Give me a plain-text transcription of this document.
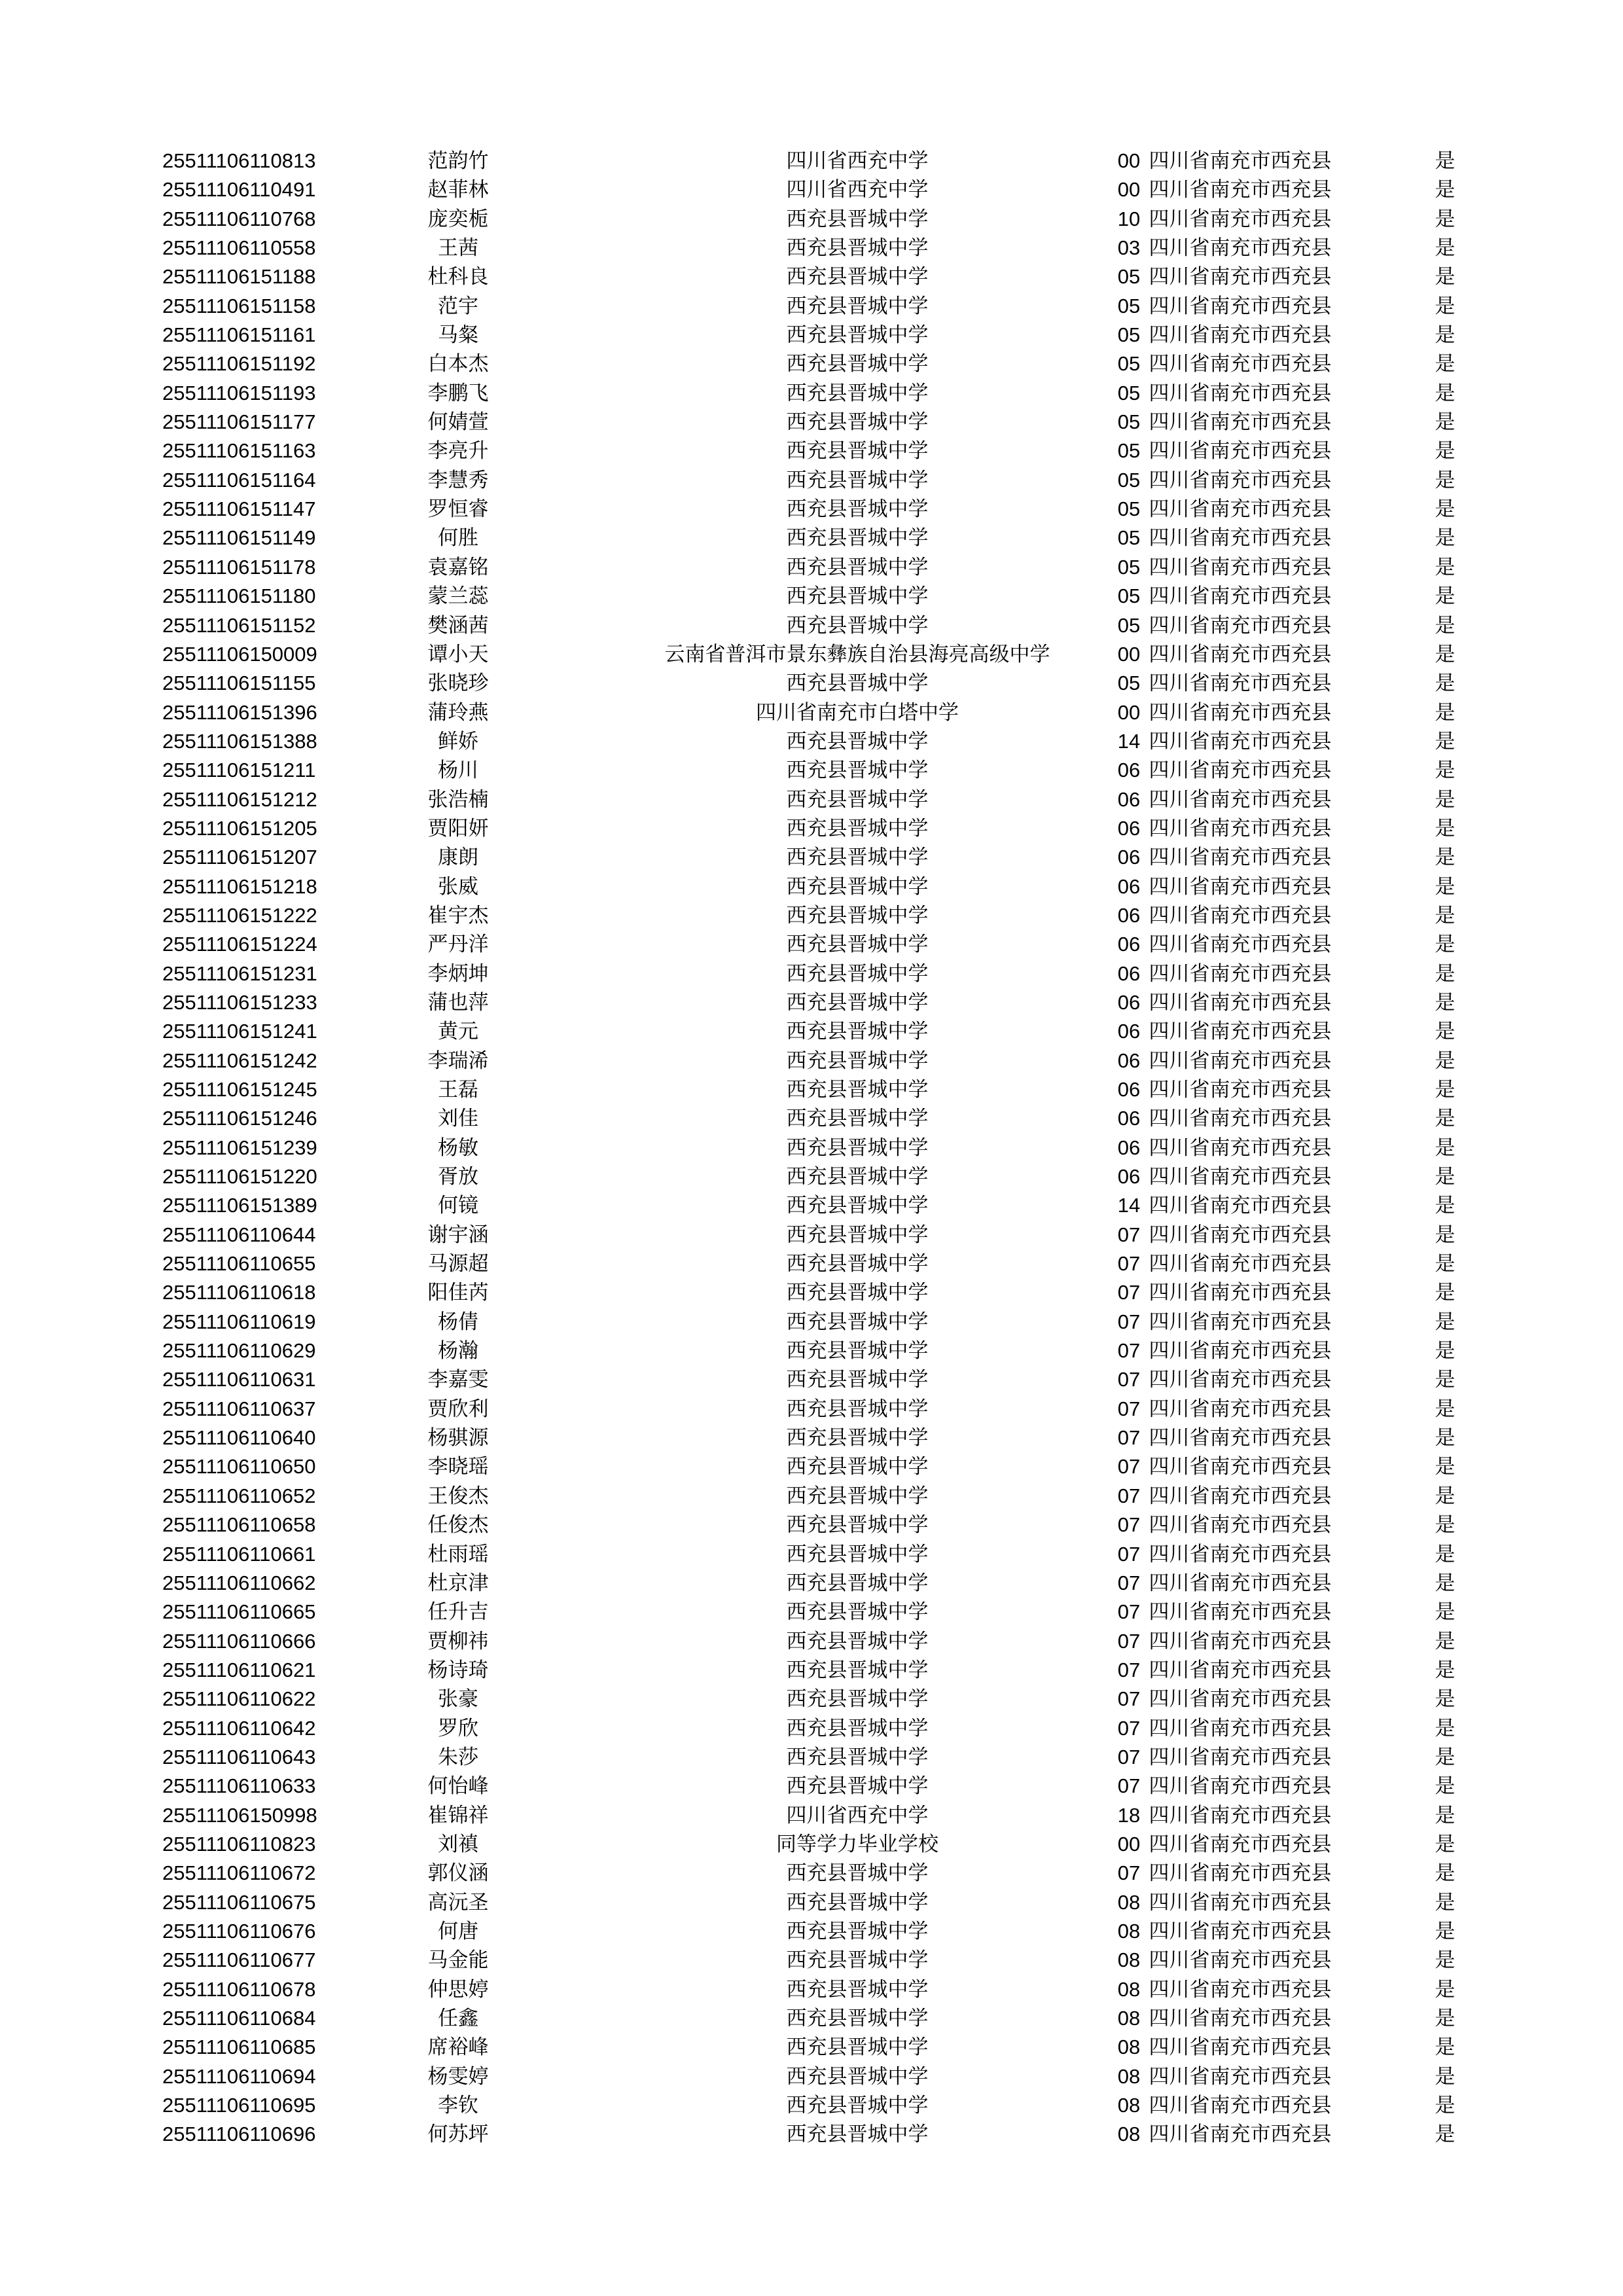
25511106110813	范韵竹	四川省西充中学	00 四川省南充市西充县	是
25511106110491	赵菲林	四川省西充中学	00 四川省南充市西充县	是
25511106110768	庞奕栀	西充县晋城中学	10 四川省南充市西充县	是
25511106110558	王茜	西充县晋城中学	03 四川省南充市西充县	是
25511106151188	杜科良	西充县晋城中学	05 四川省南充市西充县	是
25511106151158	范宇	西充县晋城中学	05 四川省南充市西充县	是
25511106151161	马粲	西充县晋城中学	05 四川省南充市西充县	是
25511106151192	白本杰	西充县晋城中学	05 四川省南充市西充县	是
25511106151193	李鹏飞	西充县晋城中学	05 四川省南充市西充县	是
25511106151177	何婧萱	西充县晋城中学	05 四川省南充市西充县	是
25511106151163	李亮升	西充县晋城中学	05 四川省南充市西充县	是
25511106151164	李慧秀	西充县晋城中学	05 四川省南充市西充县	是
25511106151147	罗恒睿	西充县晋城中学	05 四川省南充市西充县	是
25511106151149	何胜	西充县晋城中学	05 四川省南充市西充县	是
25511106151178	袁嘉铭	西充县晋城中学	05 四川省南充市西充县	是
25511106151180	蒙兰蕊	西充县晋城中学	05 四川省南充市西充县	是
25511106151152	樊涵茜	西充县晋城中学	05 四川省南充市西充县	是
25511106150009	谭小天	云南省普洱市景东彝族自治县海亮高级中学	00 四川省南充市西充县	是
25511106151155	张晓珍	西充县晋城中学	05 四川省南充市西充县	是
25511106151396	蒲玲燕	四川省南充市白塔中学	00 四川省南充市西充县	是
25511106151388	鲜娇	西充县晋城中学	14 四川省南充市西充县	是
25511106151211	杨川	西充县晋城中学	06 四川省南充市西充县	是
25511106151212	张浩楠	西充县晋城中学	06 四川省南充市西充县	是
25511106151205	贾阳妍	西充县晋城中学	06 四川省南充市西充县	是
25511106151207	康朗	西充县晋城中学	06 四川省南充市西充县	是
25511106151218	张威	西充县晋城中学	06 四川省南充市西充县	是
25511106151222	崔宇杰	西充县晋城中学	06 四川省南充市西充县	是
25511106151224	严丹洋	西充县晋城中学	06 四川省南充市西充县	是
25511106151231	李炳坤	西充县晋城中学	06 四川省南充市西充县	是
25511106151233	蒲也萍	西充县晋城中学	06 四川省南充市西充县	是
25511106151241	黄元	西充县晋城中学	06 四川省南充市西充县	是
25511106151242	李瑞浠	西充县晋城中学	06 四川省南充市西充县	是
25511106151245	王磊	西充县晋城中学	06 四川省南充市西充县	是
25511106151246	刘佳	西充县晋城中学	06 四川省南充市西充县	是
25511106151239	杨敏	西充县晋城中学	06 四川省南充市西充县	是
25511106151220	胥放	西充县晋城中学	06 四川省南充市西充县	是
25511106151389	何镜	西充县晋城中学	14 四川省南充市西充县	是
25511106110644	谢宇涵	西充县晋城中学	07 四川省南充市西充县	是
25511106110655	马源超	西充县晋城中学	07 四川省南充市西充县	是
25511106110618	阳佳芮	西充县晋城中学	07 四川省南充市西充县	是
25511106110619	杨倩	西充县晋城中学	07 四川省南充市西充县	是
25511106110629	杨瀚	西充县晋城中学	07 四川省南充市西充县	是
25511106110631	李嘉雯	西充县晋城中学	07 四川省南充市西充县	是
25511106110637	贾欣利	西充县晋城中学	07 四川省南充市西充县	是
25511106110640	杨骐源	西充县晋城中学	07 四川省南充市西充县	是
25511106110650	李晓瑶	西充县晋城中学	07 四川省南充市西充县	是
25511106110652	王俊杰	西充县晋城中学	07 四川省南充市西充县	是
25511106110658	任俊杰	西充县晋城中学	07 四川省南充市西充县	是
25511106110661	杜雨瑶	西充县晋城中学	07 四川省南充市西充县	是
25511106110662	杜京津	西充县晋城中学	07 四川省南充市西充县	是
25511106110665	任升吉	西充县晋城中学	07 四川省南充市西充县	是
25511106110666	贾柳祎	西充县晋城中学	07 四川省南充市西充县	是
25511106110621	杨诗琦	西充县晋城中学	07 四川省南充市西充县	是
25511106110622	张豪	西充县晋城中学	07 四川省南充市西充县	是
25511106110642	罗欣	西充县晋城中学	07 四川省南充市西充县	是
25511106110643	朱莎	西充县晋城中学	07 四川省南充市西充县	是
25511106110633	何怡峰	西充县晋城中学	07 四川省南充市西充县	是
25511106150998	崔锦祥	四川省西充中学	18 四川省南充市西充县	是
25511106110823	刘禛	同等学力毕业学校	00 四川省南充市西充县	是
25511106110672	郭仪涵	西充县晋城中学	07 四川省南充市西充县	是
25511106110675	高沅圣	西充县晋城中学	08 四川省南充市西充县	是
25511106110676	何唐	西充县晋城中学	08 四川省南充市西充县	是
25511106110677	马金能	西充县晋城中学	08 四川省南充市西充县	是
25511106110678	仲思婷	西充县晋城中学	08 四川省南充市西充县	是
25511106110684	任鑫	西充县晋城中学	08 四川省南充市西充县	是
25511106110685	席裕峰	西充县晋城中学	08 四川省南充市西充县	是
25511106110694	杨雯婷	西充县晋城中学	08 四川省南充市西充县	是
25511106110695	李钦	西充县晋城中学	08 四川省南充市西充县	是
25511106110696	何苏坪	西充县晋城中学	08 四川省南充市西充县	是
